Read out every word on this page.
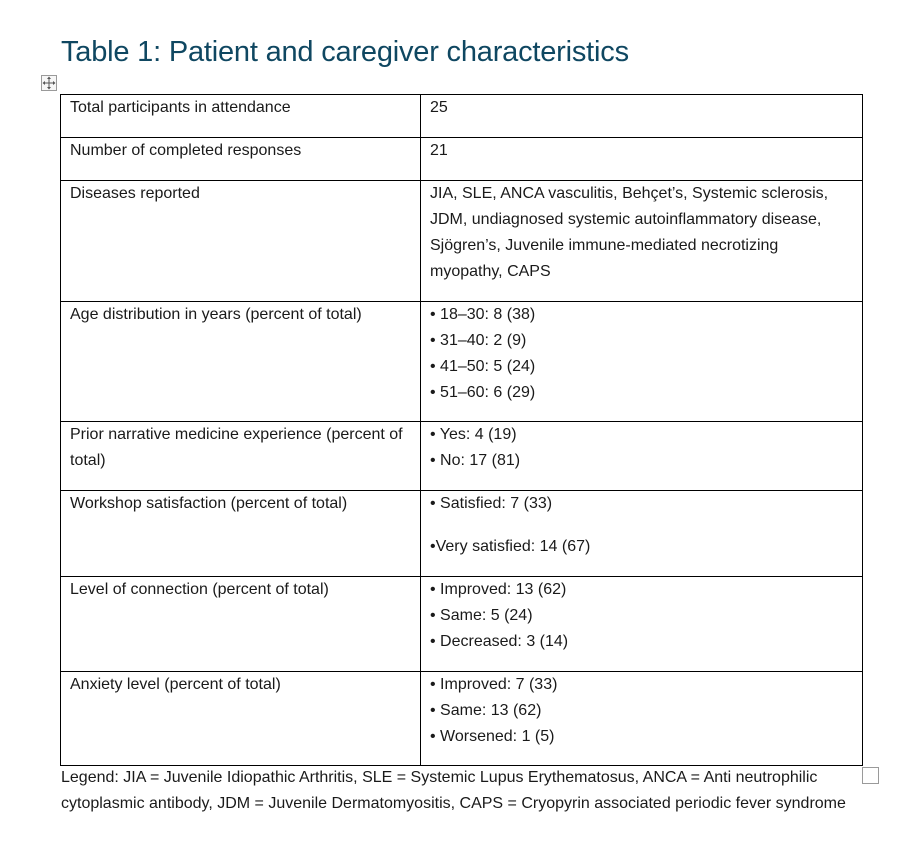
Table 1: Patient and caregiver characteristics
Total participants in attendance	25

Number of completed responses	21

Diseases reported	JIA, SLE, ANCA vasculitis, Behçet’s, Systemic sclerosis, JDM, undiagnosed systemic autoinflammatory disease, Sjögren’s, Juvenile immune-mediated necrotizing myopathy, CAPS

Age distribution in years (percent of total)	• 18–30: 8 (38)
• 31–40: 2 (9)
• 41–50: 5 (24)
• 51–60: 6 (29)

Prior narrative medicine experience (percent of total)	• Yes: 4 (19)
• No: 17 (81)

Workshop satisfaction (percent of total)	• Satisfied: 7 (33)
•Very satisfied: 14 (67)

Level of connection (percent of total)	• Improved: 13 (62)
• Same: 5 (24)
• Decreased: 3 (14)

Anxiety level (percent of total)	• Improved: 7 (33)
• Same: 13 (62)
• Worsened: 1 (5)
Legend: JIA = Juvenile Idiopathic Arthritis, SLE = Systemic Lupus Erythematosus, ANCA = Anti neutrophilic cytoplasmic antibody, JDM = Juvenile Dermatomyositis, CAPS = Cryopyrin associated periodic fever syndrome
